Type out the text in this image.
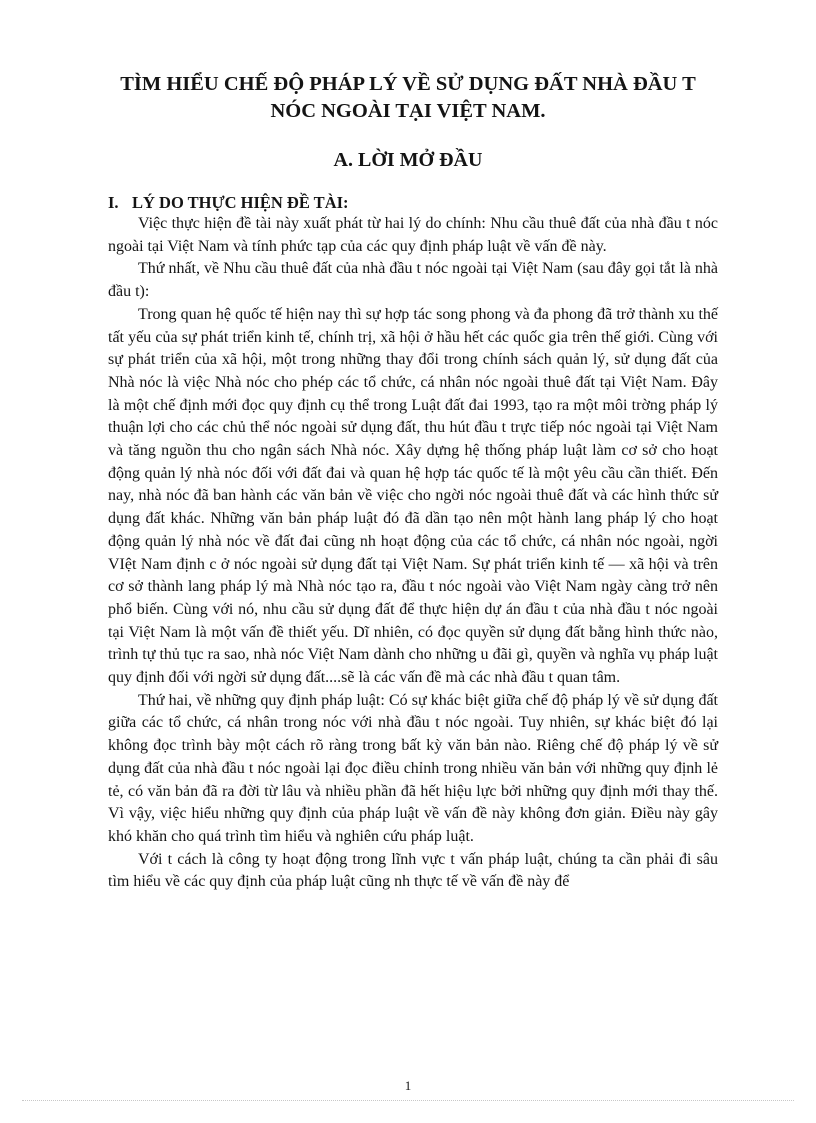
TÌM HIỂU CHẾ ĐỘ PHÁP LÝ VỀ SỬ DỤNG ĐẤT NHÀ ĐẦU T
NÓC NGOÀI TẠI VIỆT NAM.
A. LỜI MỞ ĐẦU
I. LÝ DO THỰC HIỆN ĐỀ TÀI:

Việc thực hiện đề tài này xuất phát từ hai lý do chính: Nhu cầu thuê đất của nhà đầu t nóc ngoài tại Việt Nam và tính phức tạp của các quy định pháp luật về vấn đề này.

Thứ nhất, về Nhu cầu thuê đất của nhà đầu t nóc ngoài tại Việt Nam (sau đây gọi tắt là nhà đầu t):

Trong quan hệ quốc tế hiện nay thì sự hợp tác song phong và đa phong đã trở thành xu thế tất yếu của sự phát triển kinh tế, chính trị, xã hội ở hầu hết các quốc gia trên thế giới. Cùng với sự phát triển của xã hội, một trong những thay đổi trong chính sách quản lý, sử dụng đất của Nhà nóc là việc Nhà nóc cho phép các tổ chức, cá nhân nóc ngoài thuê đất tại Việt Nam. Đây là một chế định mới đọc quy định cụ thể trong Luật đất đai 1993, tạo ra một môi trờng pháp lý thuận lợi cho các chủ thể nóc ngoài sử dụng đất, thu hút đầu t trực tiếp nóc ngoài tại Việt Nam và tăng nguồn thu cho ngân sách Nhà nóc. Xây dựng hệ thống pháp luật làm cơ sở cho hoạt động quản lý nhà nóc đối với đất đai và quan hệ hợp tác quốc tế là một yêu cầu cần thiết. Đến nay, nhà nóc đã ban hành các văn bản về việc cho ngời nóc ngoài thuê đất và các hình thức sử dụng đất khác. Những văn bản pháp luật đó đã dần tạo nên một hành lang pháp lý cho hoạt động quản lý nhà nóc về đất đai cũng nh hoạt động của các tổ chức, cá nhân nóc ngoài, ngời VIệt Nam định c ở nóc ngoài sử dụng đất tại Việt Nam. Sự phát triển kinh tế — xã hội và trên cơ sở thành lang pháp lý mà Nhà nóc tạo ra, đầu t nóc ngoài vào Việt Nam ngày càng trở nên phổ biến. Cùng với nó, nhu cầu sử dụng đất để thực hiện dự án đầu t của nhà đầu t nóc ngoài tại Việt Nam là một vấn đề thiết yếu. Dĩ nhiên, có đọc quyền sử dụng đất bằng hình thức nào, trình tự thủ tục ra sao, nhà nóc Việt Nam dành cho những u đãi gì, quyền và nghĩa vụ pháp luật quy định đối với ngời sử dụng đất....sẽ là các vấn đề mà các nhà đầu t quan tâm.

Thứ hai, về những quy định pháp luật: Có sự khác biệt giữa chế độ pháp lý về sử dụng đất giữa các tổ chức, cá nhân trong nóc với nhà đầu t nóc ngoài. Tuy nhiên, sự khác biệt đó lại không đọc trình bày một cách rõ ràng trong bất kỳ văn bản nào. Riêng chế độ pháp lý về sử dụng đất của nhà đầu t nóc ngoài lại đọc điều chỉnh trong nhiều văn bản với những quy định lẻ tẻ, có văn bản đã ra đời từ lâu và nhiều phần đã hết hiệu lực bởi những quy định mới thay thế. Vì vậy, việc hiểu những quy định của pháp luật về vấn đề này không đơn giản. Điều này gây khó khăn cho quá trình tìm hiểu và nghiên cứu pháp luật.

Với t cách là công ty hoạt động trong lĩnh vực t vấn pháp luật, chúng ta cần phải đi sâu tìm hiểu về các quy định của pháp luật cũng nh thực tế về vấn đề này để

1
